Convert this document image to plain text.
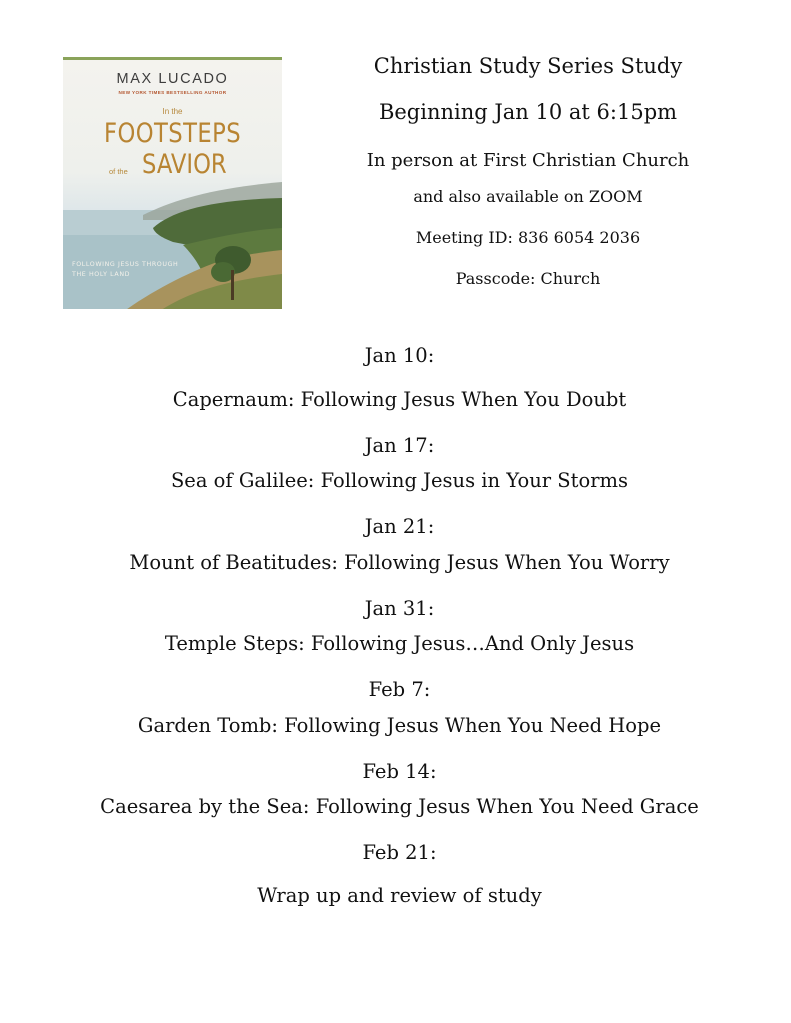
MAX LUCADO
NEW YORK TIMES BESTSELLING AUTHOR
In the
FOOTSTEPS
of the SAVIOR
FOLLOWING JESUS THROUGH
THE HOLY LAND
Christian Study Series Study
Beginning Jan 10 at 6:15pm
In person at First Christian Church
and also available on ZOOM
Meeting ID: 836 6054 2036
Passcode: Church
Jan 10:
Capernaum: Following Jesus When You Doubt
Jan 17:
Sea of Galilee: Following Jesus in Your Storms
Jan 21:
Mount of Beatitudes: Following Jesus When You Worry
Jan 31:
Temple Steps: Following Jesus…And Only Jesus
Feb 7:
Garden Tomb: Following Jesus When You Need Hope
Feb 14:
Caesarea by the Sea: Following Jesus When You Need Grace
Feb 21:
Wrap up and review of study
